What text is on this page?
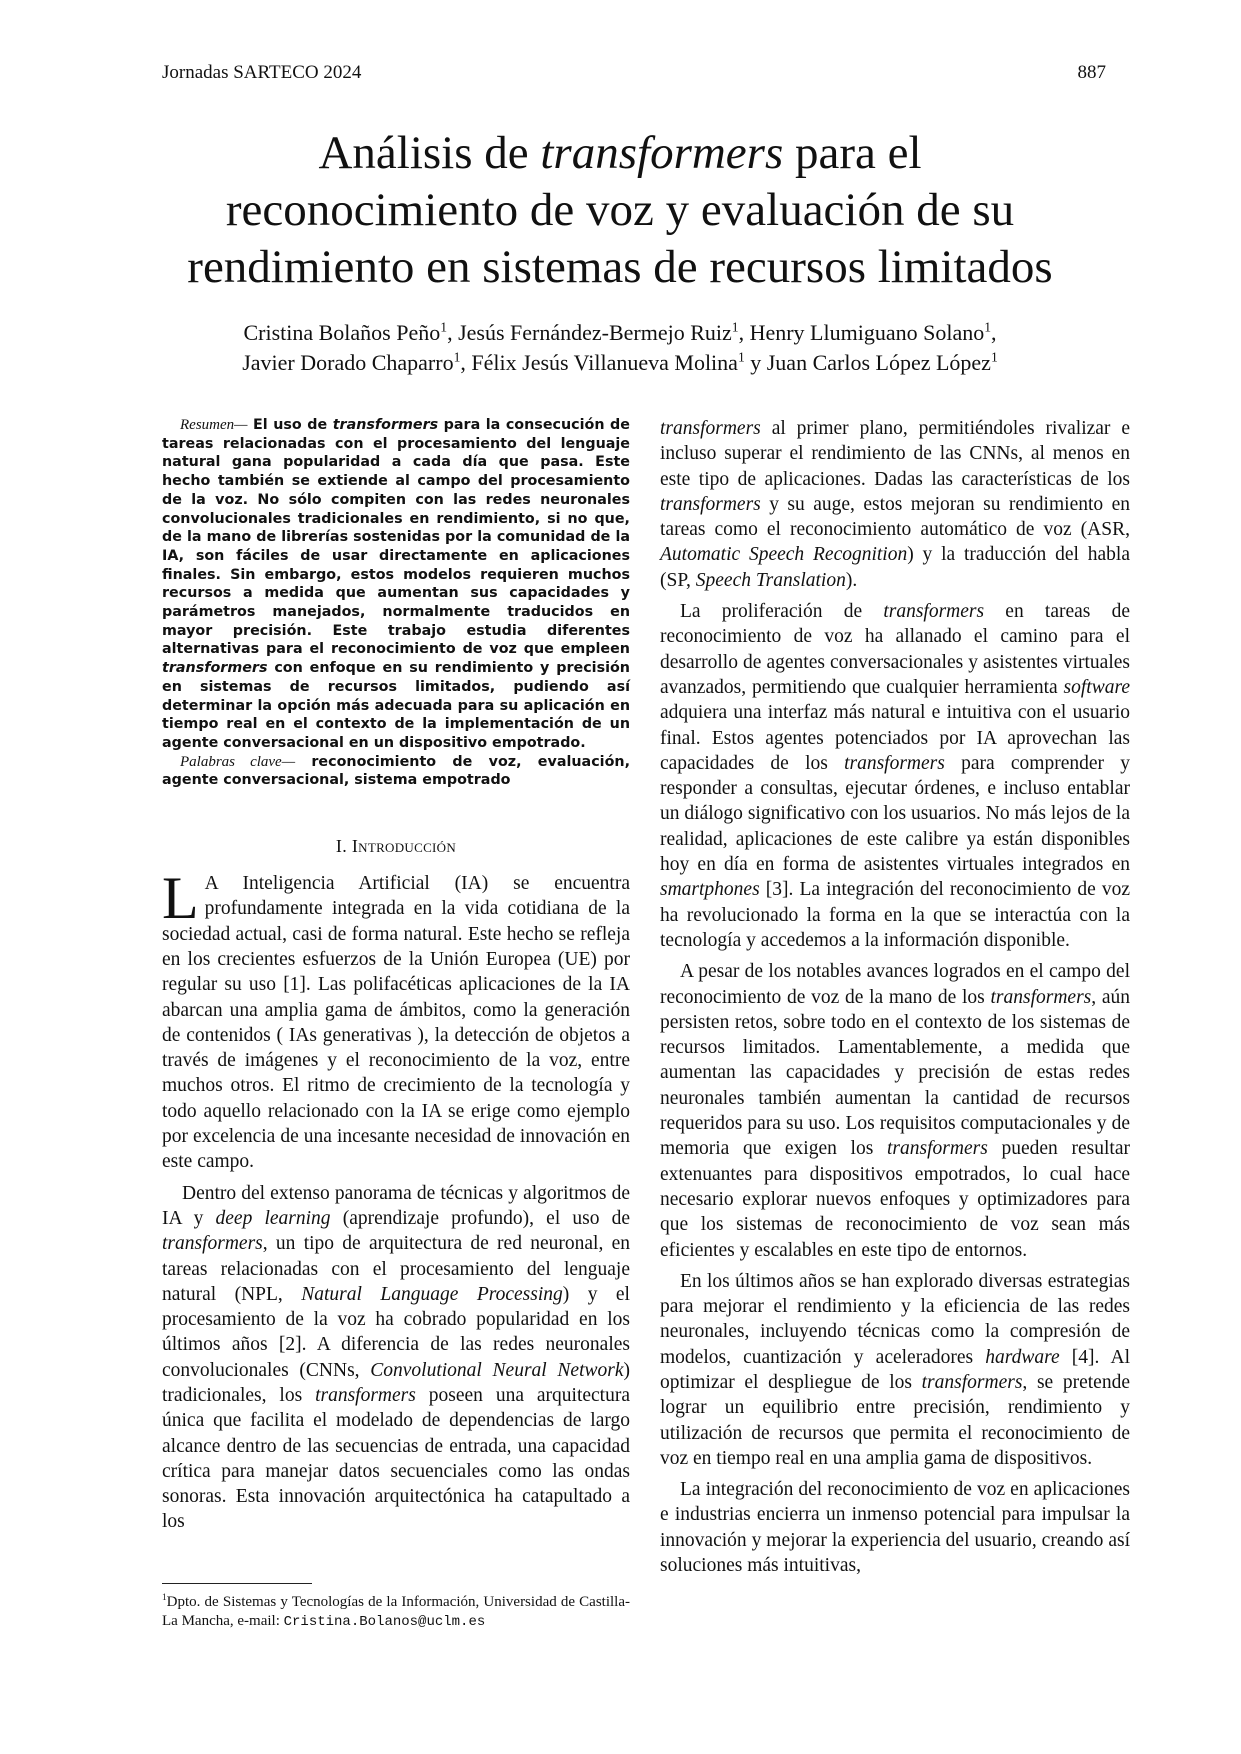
Jornadas SARTECO 2024	887
Análisis de transformers para el
reconocimiento de voz y evaluación de su
rendimiento en sistemas de recursos limitados
Cristina Bolaños Peño$^1$, Jesús Fernández-Bermejo Ruiz$^1$, Henry Llumiguano Solano$^1$,
Javier Dorado Chaparro$^1$, Félix Jesús Villanueva Molina$^1$ y Juan Carlos López López$^1$

Resumen— El uso de transformers para la consecución de tareas relacionadas con el procesamiento del lenguaje natural gana popularidad a cada día que pasa. Este hecho también se extiende al campo del procesamiento de la voz. No sólo compiten con las redes neuronales convolucionales tradicionales en rendimiento, si no que, de la mano de librerías sostenidas por la comunidad de la IA, son fáciles de usar directamente en aplicaciones finales. Sin embargo, estos modelos requieren muchos recursos a medida que aumentan sus capacidades y parámetros manejados, normalmente traducidos en mayor precisión. Este trabajo estudia diferentes alternativas para el reconocimiento de voz que empleen transformers con enfoque en su rendimiento y precisión en sistemas de recursos limitados, pudiendo así determinar la opción más adecuada para su aplicación en tiempo real en el contexto de la implementación de un agente conversacional en un dispositivo empotrado.

Palabras clave— reconocimiento de voz, evaluación, agente conversacional, sistema empotrado

I. Introducción

L A Inteligencia Artificial (IA) se encuentra profundamente integrada en la vida cotidiana de la sociedad actual, casi de forma natural. Este hecho se refleja en los crecientes esfuerzos de la Unión Europea (UE) por regular su uso [1]. Las polifacéticas aplicaciones de la IA abarcan una amplia gama de ámbitos, como la generación de contenidos ( IAs generativas ), la detección de objetos a través de imágenes y el reconocimiento de la voz, entre muchos otros. El ritmo de crecimiento de la tecnología y todo aquello relacionado con la IA se erige como ejemplo por excelencia de una incesante necesidad de innovación en este campo.

Dentro del extenso panorama de técnicas y algoritmos de IA y deep learning (aprendizaje profundo), el uso de transformers, un tipo de arquitectura de red neuronal, en tareas relacionadas con el procesamiento del lenguaje natural (NPL, Natural Language Processing) y el procesamiento de la voz ha cobrado popularidad en los últimos años [2]. A diferencia de las redes neuronales convolucionales (CNNs, Convolutional Neural Network) tradicionales, los transformers poseen una arquitectura única que facilita el modelado de dependencias de largo alcance dentro de las secuencias de entrada, una capacidad crítica para manejar datos secuenciales como las ondas sonoras. Esta innovación arquitectónica ha catapultado a los

transformers al primer plano, permitiéndoles rivalizar e incluso superar el rendimiento de las CNNs, al menos en este tipo de aplicaciones. Dadas las características de los transformers y su auge, estos mejoran su rendimiento en tareas como el reconocimiento automático de voz (ASR, Automatic Speech Recognition) y la traducción del habla (SP, Speech Translation).

La proliferación de transformers en tareas de reconocimiento de voz ha allanado el camino para el desarrollo de agentes conversacionales y asistentes virtuales avanzados, permitiendo que cualquier herramienta software adquiera una interfaz más natural e intuitiva con el usuario final. Estos agentes potenciados por IA aprovechan las capacidades de los transformers para comprender y responder a consultas, ejecutar órdenes, e incluso entablar un diálogo significativo con los usuarios. No más lejos de la realidad, aplicaciones de este calibre ya están disponibles hoy en día en forma de asistentes virtuales integrados en smartphones [3]. La integración del reconocimiento de voz ha revolucionado la forma en la que se interactúa con la tecnología y accedemos a la información disponible.

A pesar de los notables avances logrados en el campo del reconocimiento de voz de la mano de los transformers, aún persisten retos, sobre todo en el contexto de los sistemas de recursos limitados. Lamentablemente, a medida que aumentan las capacidades y precisión de estas redes neuronales también aumentan la cantidad de recursos requeridos para su uso. Los requisitos computacionales y de memoria que exigen los transformers pueden resultar extenuantes para dispositivos empotrados, lo cual hace necesario explorar nuevos enfoques y optimizadores para que los sistemas de reconocimiento de voz sean más eficientes y escalables en este tipo de entornos.

En los últimos años se han explorado diversas estrategias para mejorar el rendimiento y la eficiencia de las redes neuronales, incluyendo técnicas como la compresión de modelos, cuantización y aceleradores hardware [4]. Al optimizar el despliegue de los transformers, se pretende lograr un equilibrio entre precisión, rendimiento y utilización de recursos que permita el reconocimiento de voz en tiempo real en una amplia gama de dispositivos.

La integración del reconocimiento de voz en aplicaciones e industrias encierra un inmenso potencial para impulsar la innovación y mejorar la experiencia del usuario, creando así soluciones más intuitivas,

$^1$Dpto. de Sistemas y Tecnologías de la Información, Universidad de Castilla-La Mancha, e-mail: Cristina.Bolanos@uclm.es
